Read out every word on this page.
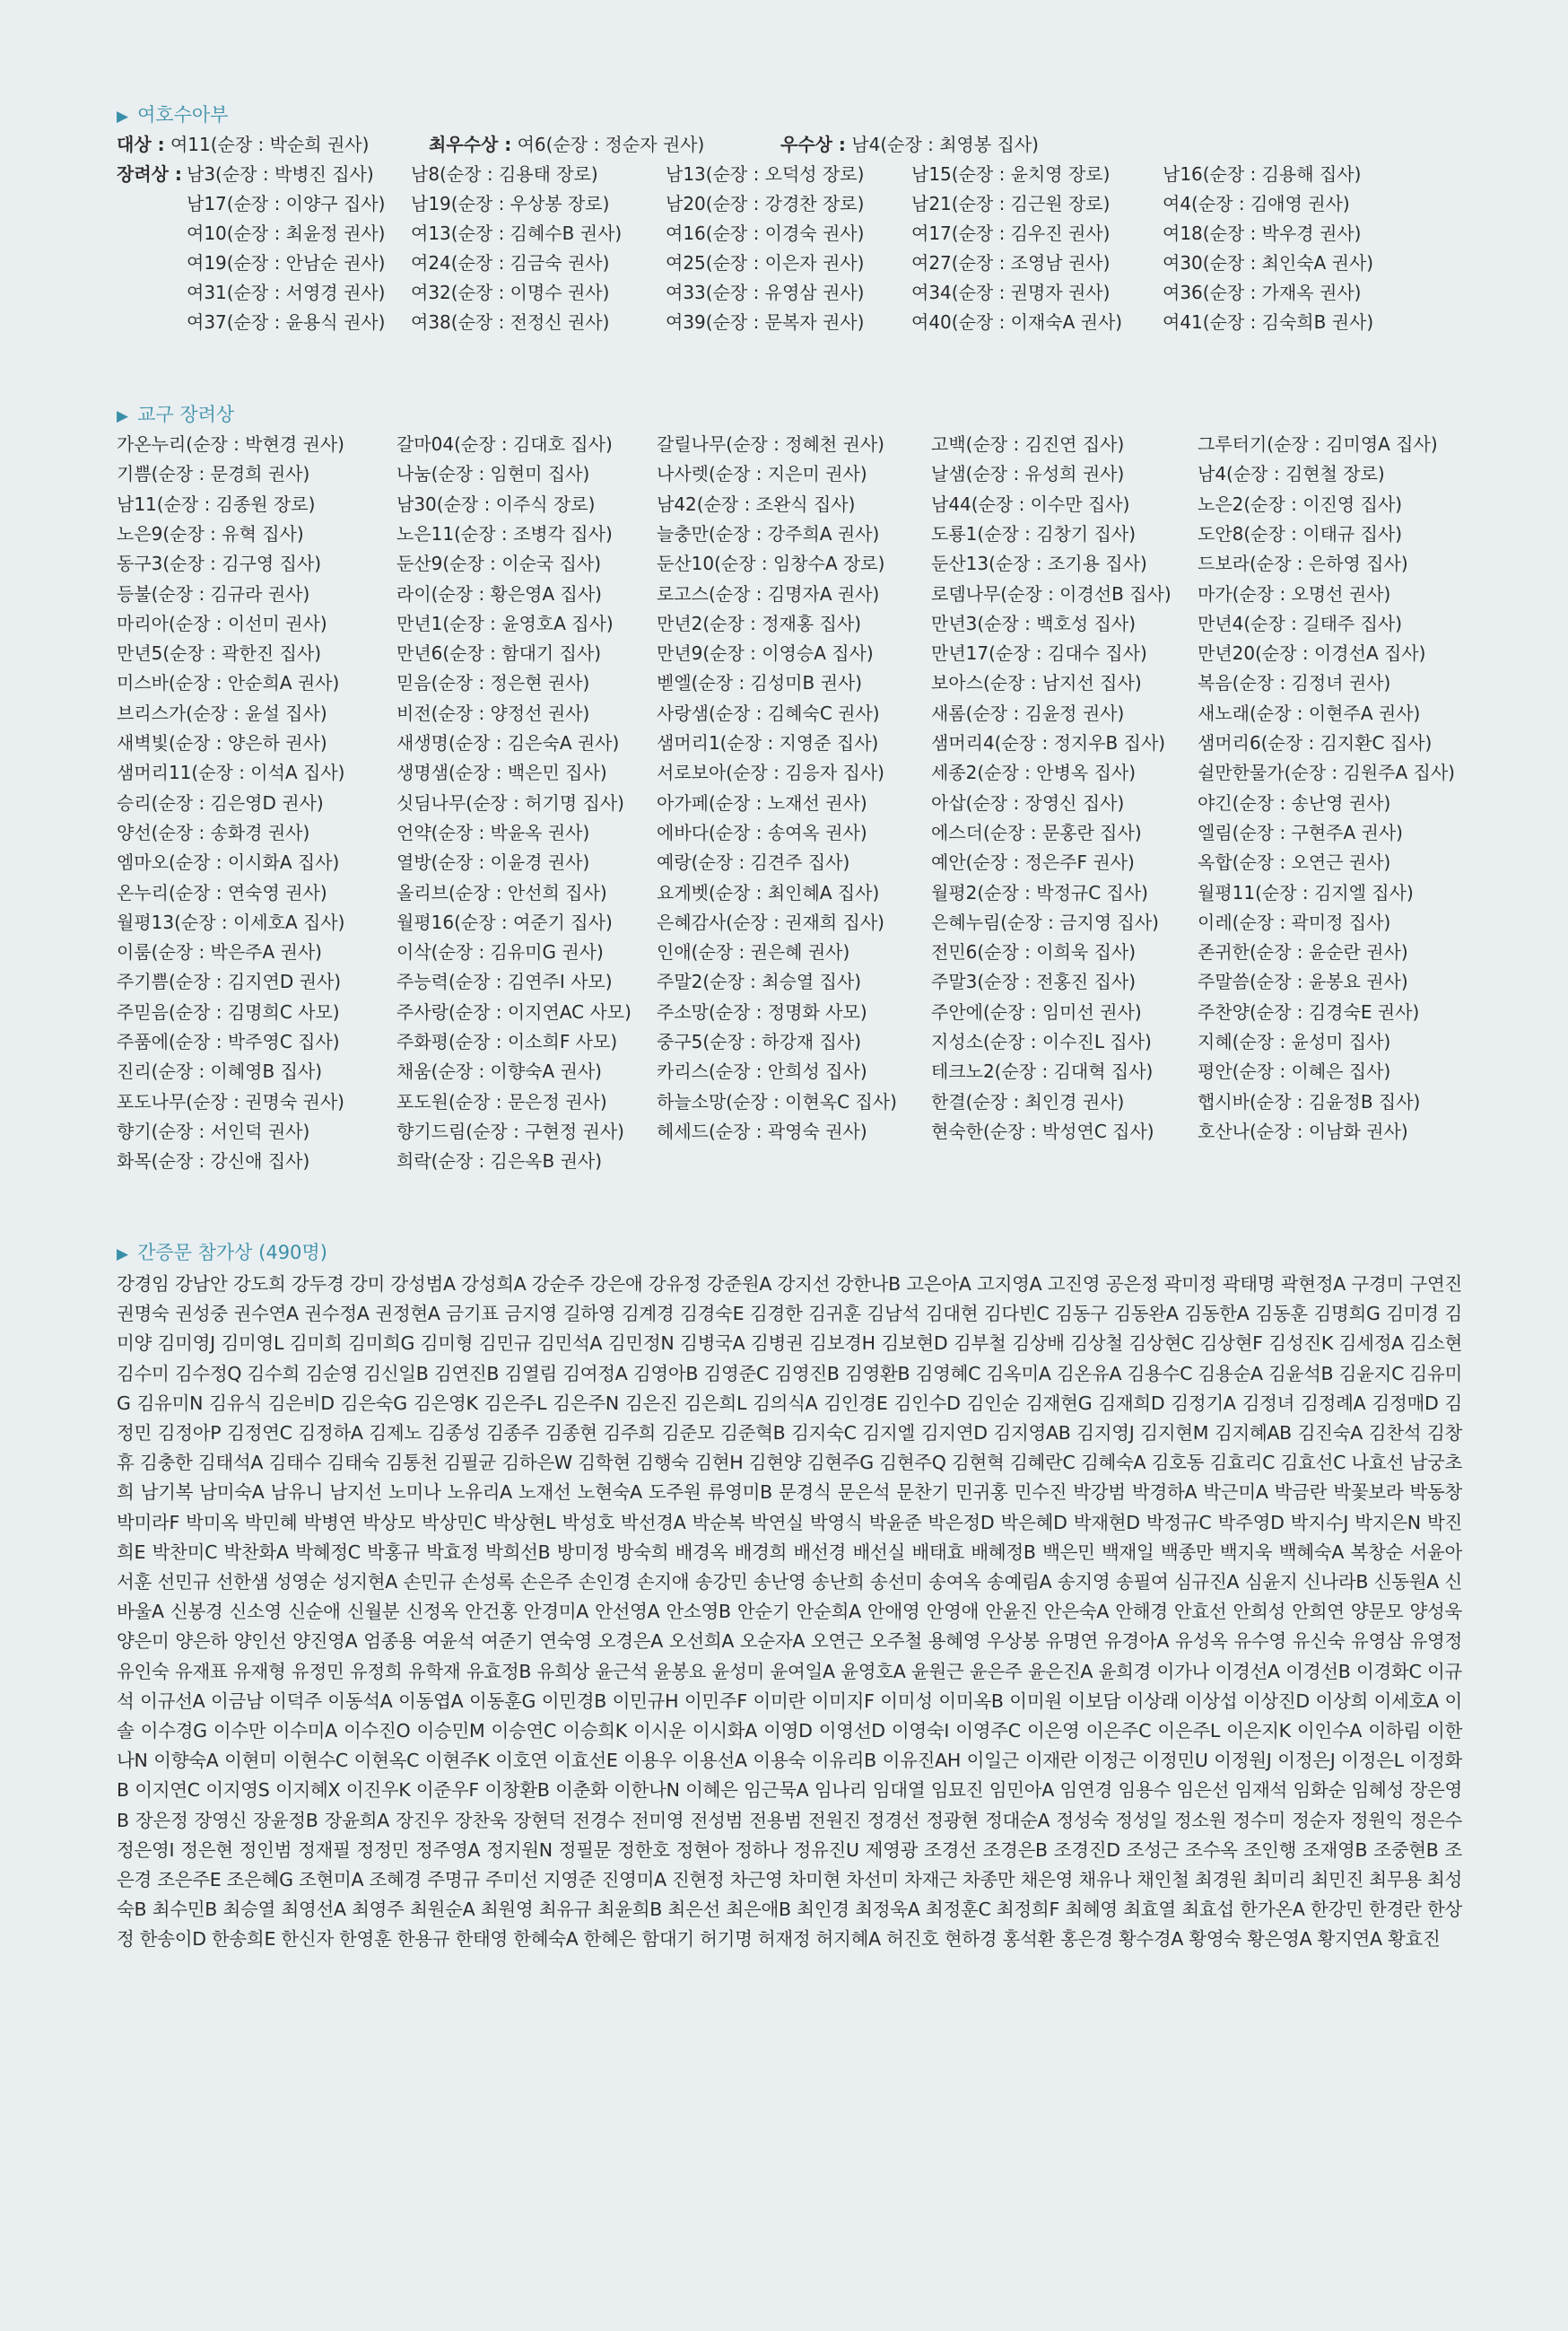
▶ 여호수아부
대상 : 여11(순장 : 박순희 권사)	최우수상 : 여6(순장 : 정순자 권사)	우수상 : 남4(순장 : 최영봉 집사)
장려상 : 남3(순장 : 박병진 집사) 남8(순장 : 김용태 장로)	남13(순장 : 오덕성 장로)	남15(순장 : 윤치영 장로)	남16(순장 : 김용해 집사)
남17(순장 : 이양구 집사) 남19(순장 : 우상봉 장로)	남20(순장 : 강경찬 장로)	남21(순장 : 김근원 장로)	여4(순장 : 김애영 권사)
여10(순장 : 최윤정 권사) 여13(순장 : 김혜수B 권사) 여16(순장 : 이경숙 권사)	여17(순장 : 김우진 권사)	여18(순장 : 박우경 권사)
여19(순장 : 안남순 권사) 여24(순장 : 김금숙 권사)	여25(순장 : 이은자 권사)	여27(순장 : 조영남 권사)	여30(순장 : 최인숙A 권사)
여31(순장 : 서영경 권사) 여32(순장 : 이명수 권사)	여33(순장 : 유영삼 권사)	여34(순장 : 권명자 권사)	여36(순장 : 가재옥 권사)
여37(순장 : 윤용식 권사) 여38(순장 : 전정신 권사)	여39(순장 : 문복자 권사)	여40(순장 : 이재숙A 권사) 여41(순장 : 김숙희B 권사)
▶ 교구 장려상
가온누리(순장 : 박현경 권사)	갈마04(순장 : 김대호 집사) 갈릴나무(순장 : 정혜천 권사)	고백(순장 : 김진연 집사)	그루터기(순장 : 김미영A 집사)
기쁨(순장 : 문경희 권사)	나눔(순장 : 임현미 집사)	나사렛(순장 : 지은미 권사)	날샘(순장 : 유성희 권사)	남4(순장 : 김현철 장로)
남11(순장 : 김종원 장로)	남30(순장 : 이주식 장로)	남42(순장 : 조완식 집사)	남44(순장 : 이수만 집사)	노은2(순장 : 이진영 집사)
노은9(순장 : 유혁 집사)	노은11(순장 : 조병각 집사) 늘충만(순장 : 강주희A 권사)	도룡1(순장 : 김창기 집사)	도안8(순장 : 이태규 집사)
동구3(순장 : 김구영 집사)	둔산9(순장 : 이순국 집사)	둔산10(순장 : 임창수A 장로)	둔산13(순장 : 조기용 집사)	드보라(순장 : 은하영 집사)
등불(순장 : 김규라 권사)	라이(순장 : 황은영A 집사)	로고스(순장 : 김명자A 권사)	로뎀나무(순장 : 이경선B 집사) 마가(순장 : 오명선 권사)
마리아(순장 : 이선미 권사)	만년1(순장 : 윤영호A 집사) 만년2(순장 : 정재홍 집사)	만년3(순장 : 백호성 집사)	만년4(순장 : 길태주 집사)
만년5(순장 : 곽한진 집사)	만년6(순장 : 함대기 집사)	만년9(순장 : 이영승A 집사)	만년17(순장 : 김대수 집사)	만년20(순장 : 이경선A 집사)
미스바(순장 : 안순희A 권사)	믿음(순장 : 정은현 권사)	벧엘(순장 : 김성미B 권사)	보아스(순장 : 남지선 집사)	복음(순장 : 김정녀 권사)
브리스가(순장 : 윤설 집사)	비전(순장 : 양정선 권사)	사랑샘(순장 : 김혜숙C 권사)	새롬(순장 : 김윤정 권사)	새노래(순장 : 이현주A 권사)
새벽빛(순장 : 양은하 권사)	새생명(순장 : 김은숙A 권사) 샘머리1(순장 : 지영준 집사)	샘머리4(순장 : 정지우B 집사) 샘머리6(순장 : 김지환C 집사)
샘머리11(순장 : 이석A 집사)	생명샘(순장 : 백은민 집사)	서로보아(순장 : 김응자 집사)	세종2(순장 : 안병옥 집사)	쉴만한물가(순장 : 김원주A 집사)
승리(순장 : 김은영D 권사)	싯딤나무(순장 : 허기명 집사) 아가페(순장 : 노재선 권사)	아삽(순장 : 장영신 집사)	야긴(순장 : 송난영 권사)
양선(순장 : 송화경 권사)	언약(순장 : 박윤옥 권사)	에바다(순장 : 송여옥 권사)	에스더(순장 : 문홍란 집사)	엘림(순장 : 구현주A 권사)
엠마오(순장 : 이시화A 집사)	열방(순장 : 이윤경 권사)	예랑(순장 : 김견주 집사)	예안(순장 : 정은주F 권사)	옥합(순장 : 오연근 권사)
온누리(순장 : 연숙영 권사)	올리브(순장 : 안선희 집사)	요게벳(순장 : 최인혜A 집사)	월평2(순장 : 박정규C 집사)	월평11(순장 : 김지엘 집사)
월평13(순장 : 이세호A 집사)	월평16(순장 : 여준기 집사) 은혜감사(순장 : 권재희 집사)	은혜누림(순장 : 금지영 집사) 이레(순장 : 곽미정 집사)
이룸(순장 : 박은주A 권사)	이삭(순장 : 김유미G 권사)	인애(순장 : 권은혜 권사)	전민6(순장 : 이희욱 집사)	존귀한(순장 : 윤순란 권사)
주기쁨(순장 : 김지연D 권사)	주능력(순장 : 김연주I 사모) 주말2(순장 : 최승열 집사)	주말3(순장 : 전홍진 집사)	주말씀(순장 : 윤봉요 권사)
주믿음(순장 : 김명희C 사모)	주사랑(순장 : 이지연AC 사모) 주소망(순장 : 정명화 사모)	주안에(순장 : 임미선 권사)	주찬양(순장 : 김경숙E 권사)
주품에(순장 : 박주영C 집사)	주화평(순장 : 이소희F 사모) 중구5(순장 : 하강재 집사)	지성소(순장 : 이수진L 집사)	지혜(순장 : 윤성미 집사)
진리(순장 : 이혜영B 집사)	채움(순장 : 이향숙A 권사)	카리스(순장 : 안희성 집사)	테크노2(순장 : 김대혁 집사) 평안(순장 : 이혜은 집사)
포도나무(순장 : 권명숙 권사)	포도원(순장 : 문은정 권사)	하늘소망(순장 : 이현옥C 집사) 한결(순장 : 최인경 권사)	햅시바(순장 : 김윤정B 집사)
향기(순장 : 서인덕 권사)	향기드림(순장 : 구현정 권사) 헤세드(순장 : 곽영숙 권사)	현숙한(순장 : 박성연C 집사) 호산나(순장 : 이남화 권사)
화목(순장 : 강신애 집사)	희락(순장 : 김은옥B 권사)
▶ 간증문 참가상 (490명)
강경임 강남안 강도희 강두경 강미 강성범A 강성희A 강순주 강은애 강유정 강준원A 강지선 강한나B 고은아A 고지영A 고진영 공은정 곽미정 곽태명 곽현정A 구경미 구연진 권명숙 권성중 권수연A 권수정A 권정현A 금기표 금지영 길하영 김계경 김경숙E 김경한 김귀훈 김남석 김대현 김다빈C 김동구 김동완A 김동한A 김동훈 김명희G 김미경 김미양 김미영J 김미영L 김미희 김미희G 김미형 김민규 김민석A 김민정N 김병국A 김병권 김보경H 김보현D 김부철 김상배 김상철 김상현C 김상현F 김성진K 김세정A 김소현 김수미 김수정Q 김수희 김순영 김신일B 김연진B 김열림 김여정A 김영아B 김영준C 김영진B 김영환B 김영혜C 김옥미A 김온유A 김용수C 김용순A 김윤석B 김윤지C 김유미G 김유미N 김유식 김은비D 김은숙G 김은영K 김은주L 김은주N 김은진 김은희L 김의식A 김인경E 김인수D 김인순 김재현G 김재희D 김정기A 김정녀 김정례A 김정매D 김정민 김정아P 김정연C 김정하A 김제노 김종성 김종주 김종현 김주희 김준모 김준혁B 김지숙C 김지엘 김지연D 김지영AB 김지영J 김지현M 김지혜AB 김진숙A 김찬석 김창휴 김충한 김태석A 김태수 김태숙 김통천 김필균 김하은W 김학현 김행숙 김현H 김현양 김현주G 김현주Q 김현혁 김혜란C 김혜숙A 김호동 김효리C 김효선C 나효선 남궁초희 남기복 남미숙A 남유니 남지선 노미나 노유리A 노재선 노현숙A 도주원 류영미B 문경식 문은석 문찬기 민귀홍 민수진 박강범 박경하A 박근미A 박금란 박꽃보라 박동창 박미라F 박미옥 박민혜 박병연 박상모 박상민C 박상현L 박성호 박선경A 박순복 박연실 박영식 박윤준 박은정D 박은혜D 박재현D 박정규C 박주영D 박지수J 박지은N 박진희E 박찬미C 박찬화A 박혜정C 박홍규 박효정 박희선B 방미정 방숙희 배경옥 배경희 배선경 배선실 배태효 배혜정B 백은민 백재일 백종만 백지욱 백혜숙A 복창순 서윤아 서훈 선민규 선한샘 성영순 성지현A 손민규 손성록 손은주 손인경 손지애 송강민 송난영 송난희 송선미 송여옥 송예림A 송지영 송필여 심규진A 심윤지 신나라B 신동원A 신바울A 신봉경 신소영 신순애 신월분 신정옥 안건홍 안경미A 안선영A 안소영B 안순기 안순희A 안애영 안영애 안윤진 안은숙A 안해경 안효선 안희성 안희연 양문모 양성욱 양은미 양은하 양인선 양진영A 엄종용 여윤석 여준기 연숙영 오경은A 오선희A 오순자A 오연근 오주철 용혜영 우상봉 유명연 유경아A 유성옥 유수영 유신숙 유영삼 유영정 유인숙 유재표 유재형 유정민 유정희 유학재 유효정B 유희상 윤근석 윤봉요 윤성미 윤여일A 윤영호A 윤원근 윤은주 윤은진A 윤희경 이가나 이경선A 이경선B 이경화C 이규석 이규선A 이금남 이덕주 이동석A 이동엽A 이동훈G 이민경B 이민규H 이민주F 이미란 이미지F 이미성 이미옥B 이미원 이보담 이상래 이상섭 이상진D 이상희 이세호A 이솔 이수경G 이수만 이수미A 이수진O 이승민M 이승연C 이승희K 이시운 이시화A 이영D 이영선D 이영숙I 이영주C 이은영 이은주C 이은주L 이은지K 이인수A 이하림 이한나N 이향숙A 이현미 이현수C 이현옥C 이현주K 이호연 이효선E 이용우 이용선A 이용숙 이유리B 이유진AH 이일근 이재란 이정근 이정민U 이정원J 이정은J 이정은L 이정화B 이지연C 이지영S 이지혜X 이진우K 이준우F 이창환B 이춘화 이한나N 이혜은 임근묵A 임나리 임대열 임묘진 임민아A 임연경 임용수 임은선 임재석 임화순 임혜성 장은영B 장은정 장영신 장윤정B 장윤희A 장진우 장찬욱 장현덕 전경수 전미영 전성범 전용범 전원진 정경선 정광현 정대순A 정성숙 정성일 정소원 정수미 정순자 정원익 정은수 정은영I 정은현 정인범 정재필 정정민 정주영A 정지원N 정필문 정한호 정현아 정하나 정유진U 제영광 조경선 조경은B 조경진D 조성근 조수옥 조인행 조재영B 조중현B 조은경 조은주E 조은혜G 조현미A 조혜경 주명규 주미선 지영준 진영미A 진현정 차근영 차미현 차선미 차재근 차종만 채은영 채유나 채인철 최경원 최미리 최민진 최무용 최성숙B 최수민B 최승열 최영선A 최영주 최원순A 최원영 최유규 최윤희B 최은선 최은애B 최인경 최정욱A 최정훈C 최정희F 최혜영 최효열 최효섭 한가온A 한강민 한경란 한상정 한송이D 한송희E 한신자 한영훈 한용규 한태영 한혜숙A 한혜은 함대기 허기명 허재정 허지혜A 허진호 현하경 홍석환 홍은경 황수경A 황영숙 황은영A 황지연A 황효진
